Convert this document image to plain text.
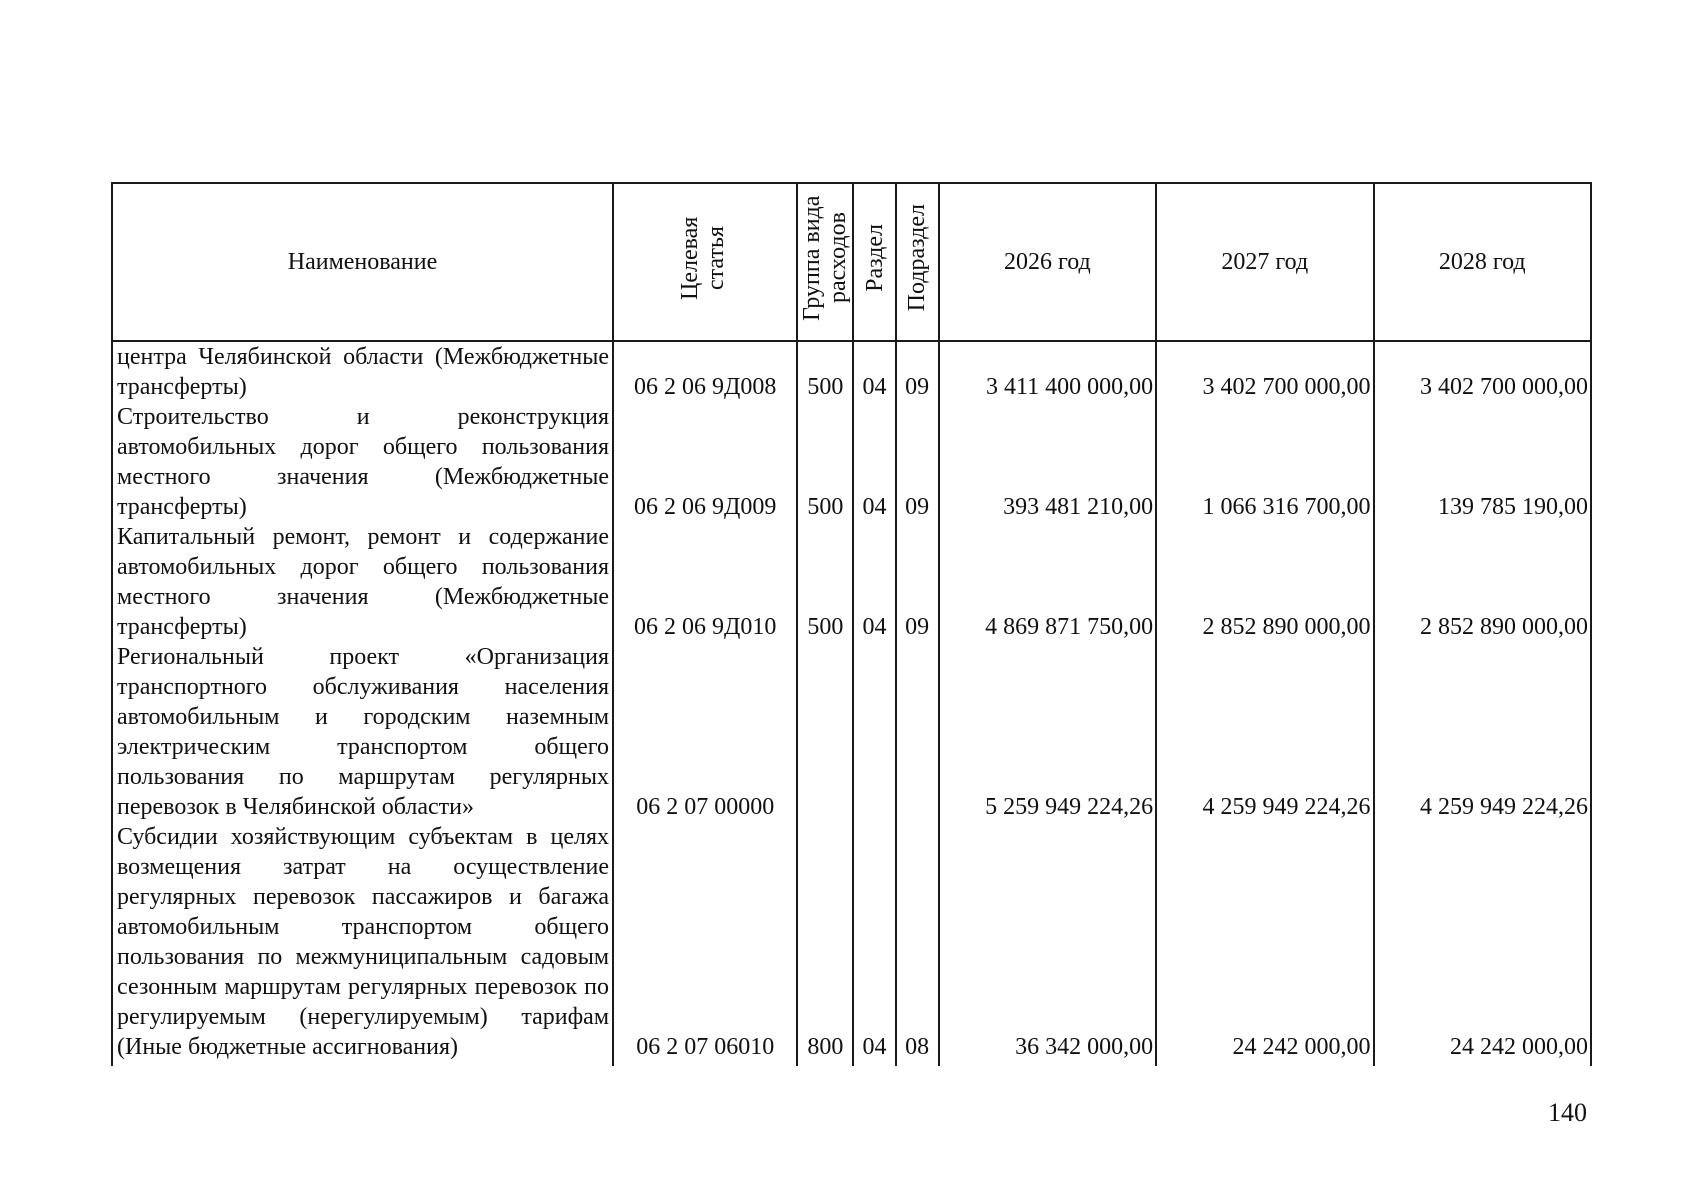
Наименование	Целевая статья	Группа вида расходов	Раздел	Подраздел	2026 год	2027 год	2028 год
центра Челябинской области (Межбюджетные трансферты)	06 2 06 9Д008	500	04	09	3 411 400 000,00	3 402 700 000,00	3 402 700 000,00
Строительство и реконструкция автомобильных дорог общего пользования местного значения (Межбюджетные трансферты)	06 2 06 9Д009	500	04	09	393 481 210,00	1 066 316 700,00	139 785 190,00
Капитальный ремонт, ремонт и содержание автомобильных дорог общего пользования местного значения (Межбюджетные трансферты)	06 2 06 9Д010	500	04	09	4 869 871 750,00	2 852 890 000,00	2 852 890 000,00
Региональный проект «Организация транспортного обслуживания населения автомобильным и городским наземным электрическим транспортом общего пользования по маршрутам регулярных перевозок в Челябинской области»	06 2 07 00000				5 259 949 224,26	4 259 949 224,26	4 259 949 224,26
Субсидии хозяйствующим субъектам в целях возмещения затрат на осуществление регулярных перевозок пассажиров и багажа автомобильным транспортом общего пользования по межмуниципальным садовым сезонным маршрутам регулярных перевозок по регулируемым (нерегулируемым) тарифам (Иные бюджетные ассигнования)	06 2 07 06010	800	04	08	36 342 000,00	24 242 000,00	24 242 000,00
140
